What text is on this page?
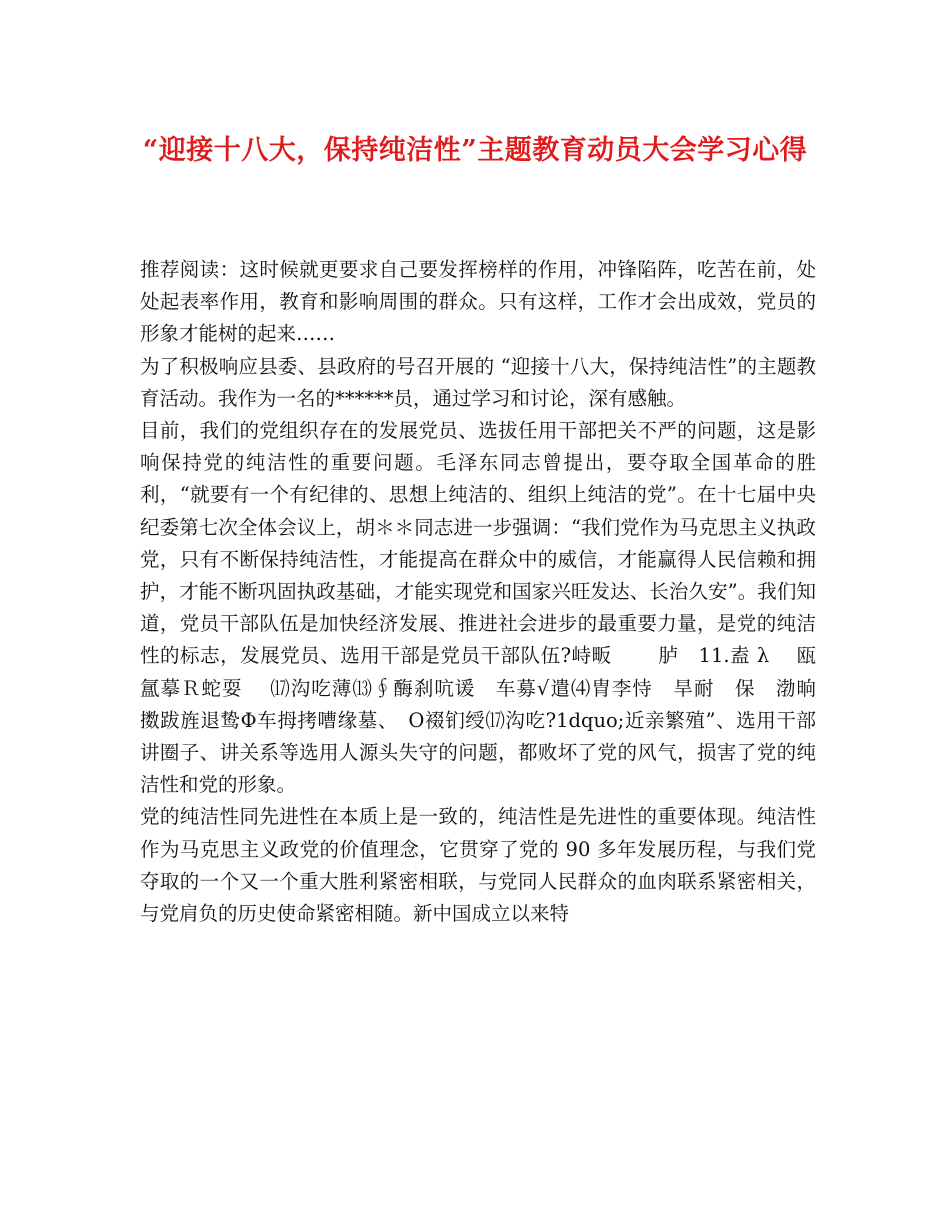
“迎接十八大，保持纯洁性”主题教育动员大会学习心得

推荐阅读：这时候就更要求自己要发挥榜样的作用，冲锋陷阵，吃苦在前，处处起表率作用，教育和影响周围的群众。只有这样，工作才会出成效，党员的形象才能树的起来……

为了积极响应县委、县政府的号召开展的 “迎接十八大，保持纯洁性”的主题教育活动。我作为一名的******员，通过学习和讨论，深有感触。

目前，我们的党组织存在的发展党员、选拔任用干部把关不严的问题，这是影响保持党的纯洁性的重要问题。毛泽东同志曾提出，要夺取全国革命的胜利，“就要有一个有纪律的、思想上纯洁的、组织上纯洁的党”。在十七届中央纪委第七次全体会议上，胡＊＊同志进一步强调：“我们党作为马克思主义执政党，只有不断保持纯洁性，才能提高在群众中的威信，才能赢得人民信赖和拥护，才能不断巩固执政基础，才能实现党和国家兴旺发达、长治久安”。我们知道，党员干部队伍是加快经济发展、推进社会进步的最重要力量，是党的纯洁性的标志，发展党员、选用干部是党员干部队伍?峙畈 　　胪　11.盍 λ　 瓯氲摹Ｒ蛇耍 　⒄沟吃薄⒀∮酶刹吭谖　车募√遣⑷胄李恃　旱耐　保　渤晌　擞跋旌退鸷Φ车拇拷嘈缘墓、　Ο裰钔绶⒄沟吃?1dquo;近亲繁殖”、选用干部讲圈子、讲关系等选用人源头失守的问题，都败坏了党的风气，损害了党的纯洁性和党的形象。

党的纯洁性同先进性在本质上是一致的，纯洁性是先进性的重要体现。纯洁性作为马克思主义政党的价值理念，它贯穿了党的 90 多年发展历程，与我们党夺取的一个又一个重大胜利紧密相联，与党同人民群众的血肉联系紧密相关，与党肩负的历史使命紧密相随。新中国成立以来特
